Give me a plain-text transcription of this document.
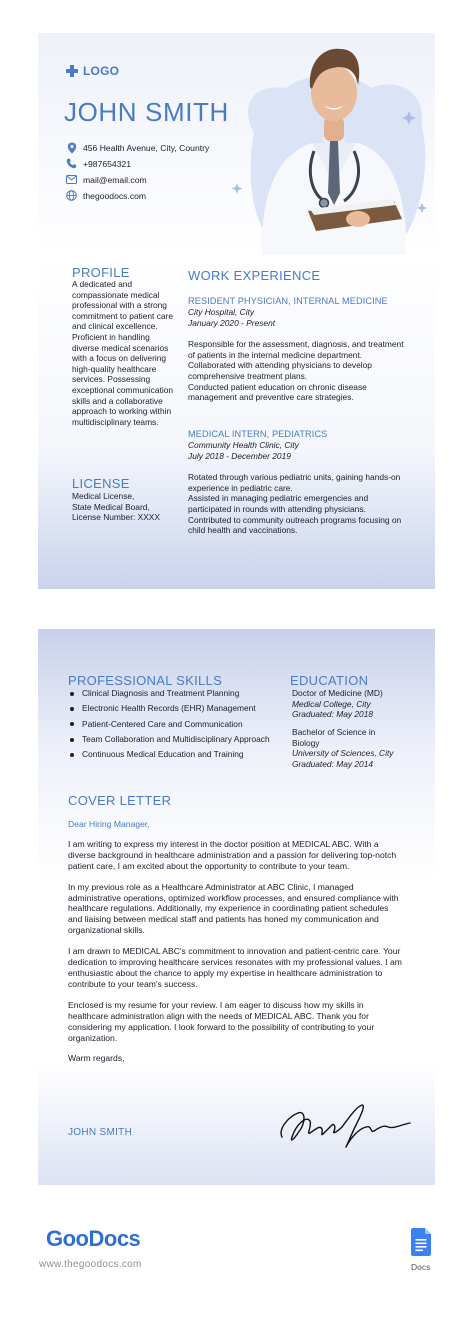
LOGO
JOHN SMITH
456 Health Avenue, City, Country
+987654321
mail@email.com
thegoodocs.com
PROFILE
A dedicated and compassionate medical professional with a strong commitment to patient care and clinical excellence. Proficient in handling diverse medical scenarios with a focus on delivering high-quality healthcare services. Possessing exceptional communication skills and a collaborative approach to working within multidisciplinary teams.
LICENSE
Medical License,
State Medical Board,
License Number: XXXX
WORK EXPERIENCE
RESIDENT PHYSICIAN, INTERNAL MEDICINE
City Hospital, City
January 2020 - Present
Responsible for the assessment, diagnosis, and treatment of patients in the internal medicine department.
Collaborated with attending physicians to develop comprehensive treatment plans.
Conducted patient education on chronic disease management and preventive care strategies.
MEDICAL INTERN, PEDIATRICS
Community Health Clinic, City
July 2018 - December 2019
Rotated through various pediatric units, gaining hands-on experience in pediatric care.
Assisted in managing pediatric emergencies and participated in rounds with attending physicians.
Contributed to community outreach programs focusing on child health and vaccinations.
PROFESSIONAL SKILLS
Clinical Diagnosis and Treatment Planning
Electronic Health Records (EHR) Management
Patient-Centered Care and Communication
Team Collaboration and Multidisciplinary Approach
Continuous Medical Education and Training
EDUCATION
Doctor of Medicine (MD)
Medical College, City
Graduated: May 2018
Bachelor of Science in Biology
University of Sciences, City
Graduated: May 2014
COVER LETTER

Dear Hiring Manager,

I am writing to express my interest in the doctor position at MEDICAL ABC. With a diverse background in healthcare administration and a passion for delivering top-notch patient care, I am excited about the opportunity to contribute to your team.

In my previous role as a Healthcare Administrator at ABC Clinic, I managed administrative operations, optimized workflow processes, and ensured compliance with healthcare regulations. Additionally, my experience in coordinating patient schedules and liaising between medical staff and patients has honed my communication and organizational skills.

I am drawn to MEDICAL ABC's commitment to innovation and patient-centric care. Your dedication to improving healthcare services resonates with my professional values. I am enthusiastic about the chance to apply my expertise in healthcare administration to contribute to your team's success.

Enclosed is my resume for your review. I am eager to discuss how my skills in healthcare administration align with the needs of MEDICAL ABC. Thank you for considering my application. I look forward to the possibility of contributing to your organization.

Warm regards,

JOHN SMITH
GooDocs
www.thegoodocs.com	Docs
